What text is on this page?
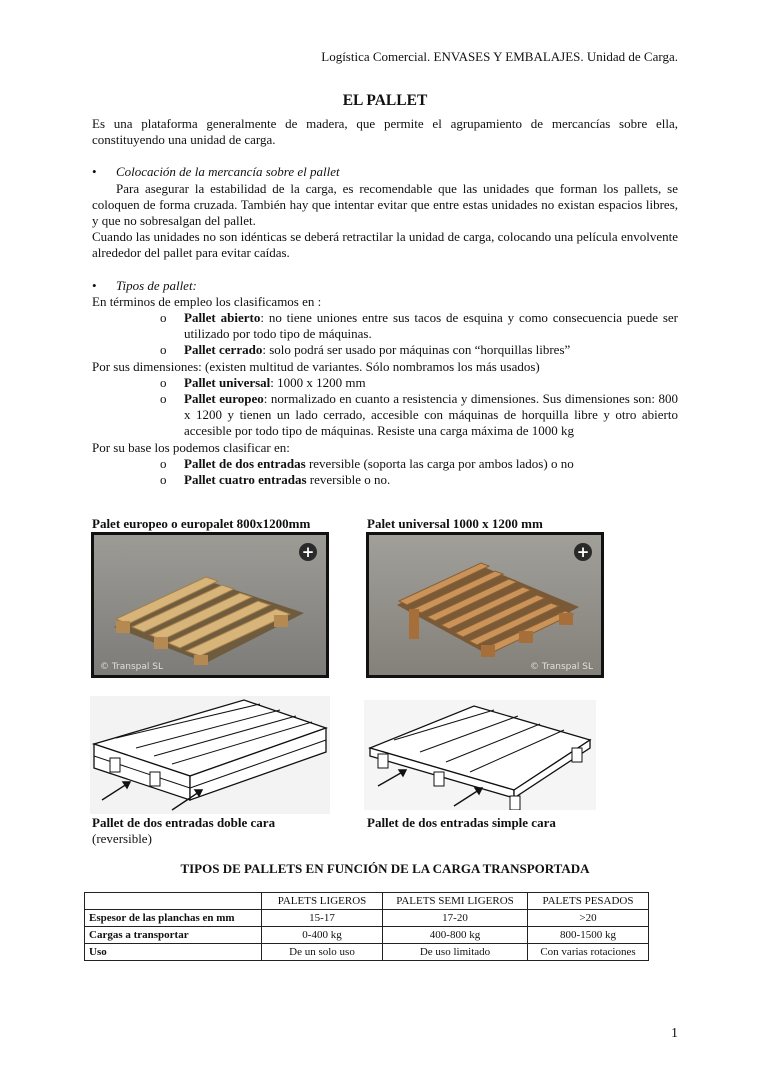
Logística Comercial. ENVASES Y EMBALAJES. Unidad de Carga.
EL PALLET

Es una plataforma generalmente de madera, que permite el agrupamiento de mercancías sobre ella, constituyendo una unidad de carga.

•	Colocación de la mercancía sobre el pallet

Para asegurar la estabilidad de la carga, es recomendable que las unidades que forman los pallets, se coloquen de forma cruzada. También hay que intentar evitar que entre estas unidades no existan espacios libres, y que no sobresalgan del pallet.

Cuando las unidades no son idénticas se deberá retractilar la unidad de carga, colocando una película envolvente alrededor del pallet para evitar caídas.

•	Tipos de pallet:

En términos de empleo los clasificamos en :

o	Pallet abierto: no tiene uniones entre sus tacos de esquina y como consecuencia puede ser utilizado por todo tipo de máquinas.
o	Pallet cerrado: solo podrá ser usado por máquinas con “horquillas libres”

Por sus dimensiones: (existen multitud de variantes. Sólo nombramos los más usados)

o	Pallet universal: 1000 x 1200 mm
o	Pallet europeo: normalizado en cuanto a resistencia y dimensiones. Sus dimensiones son: 800 x 1200 y tienen un lado cerrado, accesible con máquinas de horquilla libre y otro abierto accesible por todo tipo de máquinas. Resiste una carga máxima de 1000 kg

Por su base los podemos clasificar en:

o	Pallet de dos entradas reversible (soporta las carga por ambos lados) o no
o	Pallet cuatro entradas reversible o no.
Palet europeo o europalet 800x1200mm	Palet universal 1000 x 1200 mm
+
© Transpal SL
+
© Transpal SL
Pallet de dos entradas doble cara
(reversible)
Pallet de dos entradas simple cara
TIPOS DE PALLETS EN FUNCIÓN DE LA CARGA TRANSPORTADA
	PALETS LIGEROS	PALETS SEMI LIGEROS	PALETS PESADOS
Espesor de las planchas en mm	15-17	17-20	>20
Cargas a transportar	0-400 kg	400-800 kg	800-1500 kg
Uso	De un solo uso	De uso limitado	Con varias rotaciones
1
